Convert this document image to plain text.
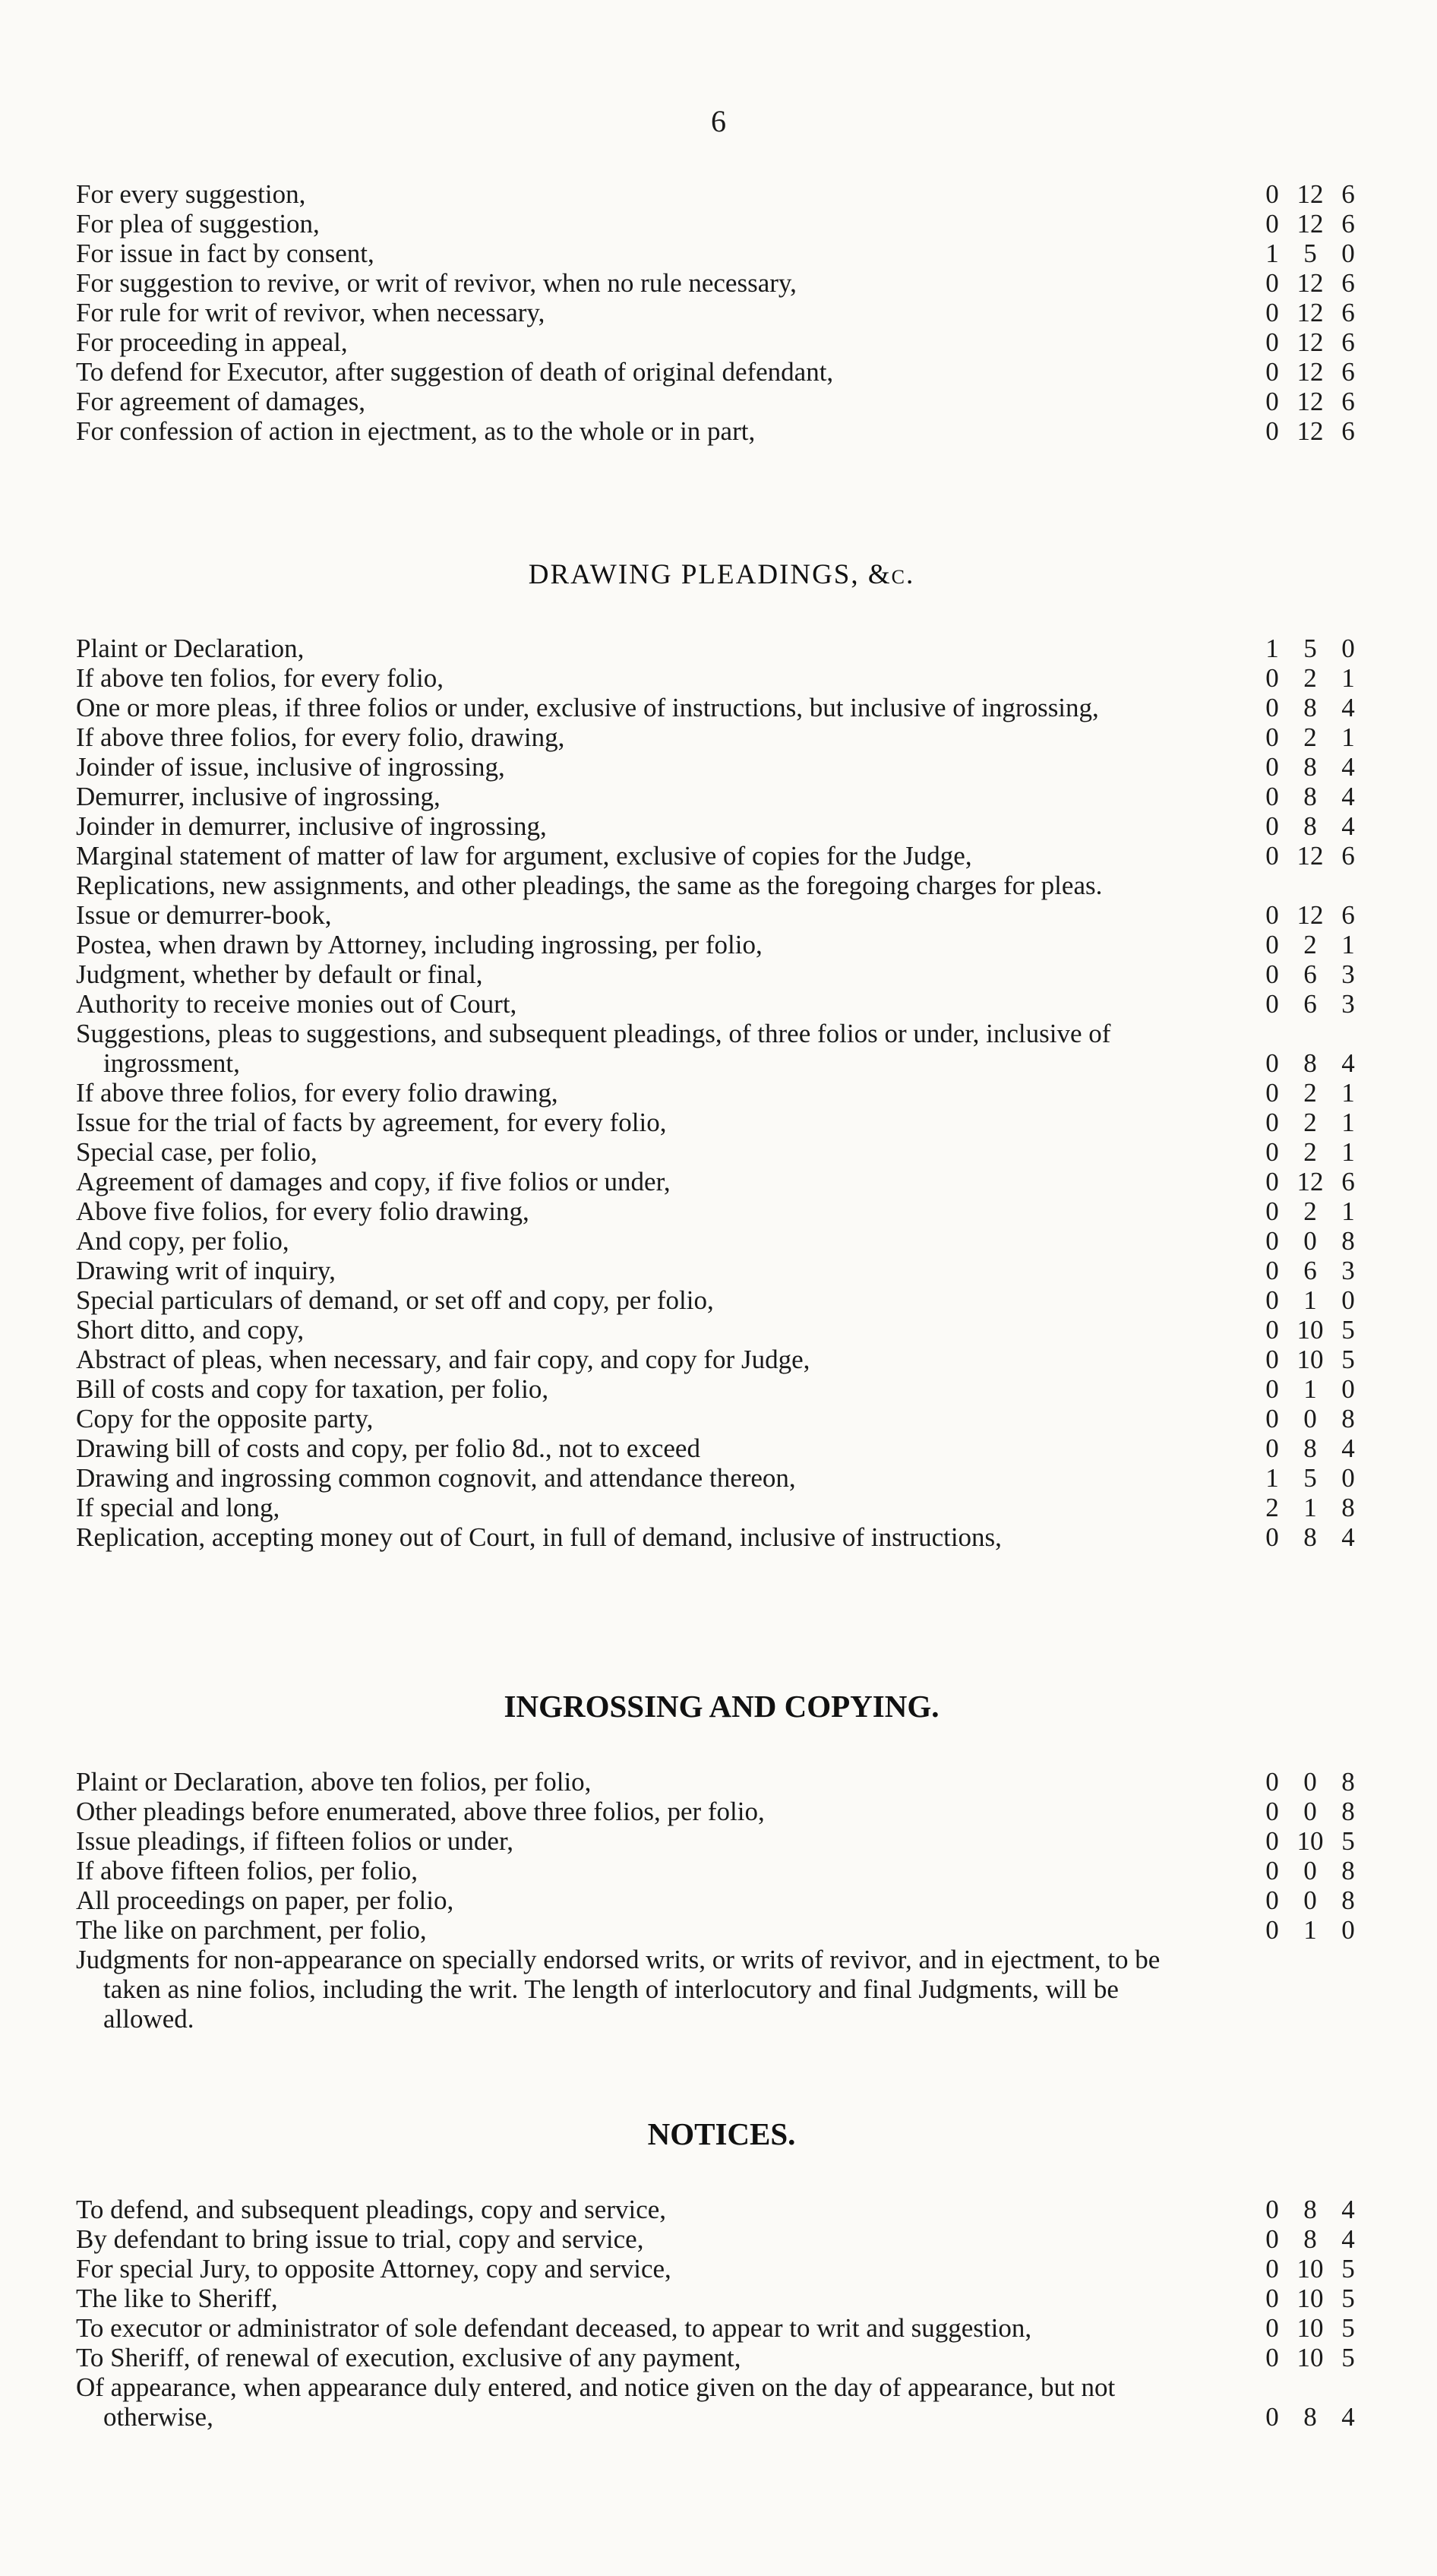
6
For every suggestion,	0 12 6
For plea of suggestion,	0 12 6
For issue in fact by consent,	1 5 0
For suggestion to revive, or writ of revivor, when no rule necessary,	0 12 6
For rule for writ of revivor, when necessary,	0 12 6
For proceeding in appeal,	0 12 6
To defend for Executor, after suggestion of death of original defendant,	0 12 6
For agreement of damages,	0 12 6
For confession of action in ejectment, as to the whole or in part,	0 12 6
DRAWING PLEADINGS, &c.
Plaint or Declaration,	1 5 0
If above ten folios, for every folio,	0 2 1
One or more pleas, if three folios or under, exclusive of instructions, but inclusive of ingrossing,	0 8 4
If above three folios, for every folio, drawing,	0 2 1
Joinder of issue, inclusive of ingrossing,	0 8 4
Demurrer, inclusive of ingrossing,	0 8 4
Joinder in demurrer, inclusive of ingrossing,	0 8 4
Marginal statement of matter of law for argument, exclusive of copies for the Judge,	0 12 6
Replications, new assignments, and other pleadings, the same as the foregoing charges for pleas.
Issue or demurrer-book,	0 12 6
Postea, when drawn by Attorney, including ingrossing, per folio,	0 2 1
Judgment, whether by default or final,	0 6 3
Authority to receive monies out of Court,	0 6 3
Suggestions, pleas to suggestions, and subsequent pleadings, of three folios or under, inclusive of ingrossment,	0 8 4
If above three folios, for every folio drawing,	0 2 1
Issue for the trial of facts by agreement, for every folio,	0 2 1
Special case, per folio,	0 2 1
Agreement of damages and copy, if five folios or under,	0 12 6
Above five folios, for every folio drawing,	0 2 1
And copy, per folio,	0 0 8
Drawing writ of inquiry,	0 6 3
Special particulars of demand, or set off and copy, per folio,	0 1 0
Short ditto, and copy,	0 10 5
Abstract of pleas, when necessary, and fair copy, and copy for Judge,	0 10 5
Bill of costs and copy for taxation, per folio,	0 1 0
Copy for the opposite party,	0 0 8
Drawing bill of costs and copy, per folio 8d., not to exceed	0 8 4
Drawing and ingrossing common cognovit, and attendance thereon,	1 5 0
If special and long,	2 1 8
Replication, accepting money out of Court, in full of demand, inclusive of instructions,	0 8 4
INGROSSING AND COPYING.
Plaint or Declaration, above ten folios, per folio,	0 0 8
Other pleadings before enumerated, above three folios, per folio,	0 0 8
Issue pleadings, if fifteen folios or under,	0 10 5
If above fifteen folios, per folio,	0 0 8
All proceedings on paper, per folio,	0 0 8
The like on parchment, per folio,	0 1 0
Judgments for non-appearance on specially endorsed writs, or writs of revivor, and in ejectment, to be taken as nine folios, including the writ. The length of interlocutory and final Judgments, will be allowed.
NOTICES.
To defend, and subsequent pleadings, copy and service,	0 8 4
By defendant to bring issue to trial, copy and service,	0 8 4
For special Jury, to opposite Attorney, copy and service,	0 10 5
The like to Sheriff,	0 10 5
To executor or administrator of sole defendant deceased, to appear to writ and suggestion,	0 10 5
To Sheriff, of renewal of execution, exclusive of any payment,	0 10 5
Of appearance, when appearance duly entered, and notice given on the day of appearance, but not otherwise,	0 8 4
